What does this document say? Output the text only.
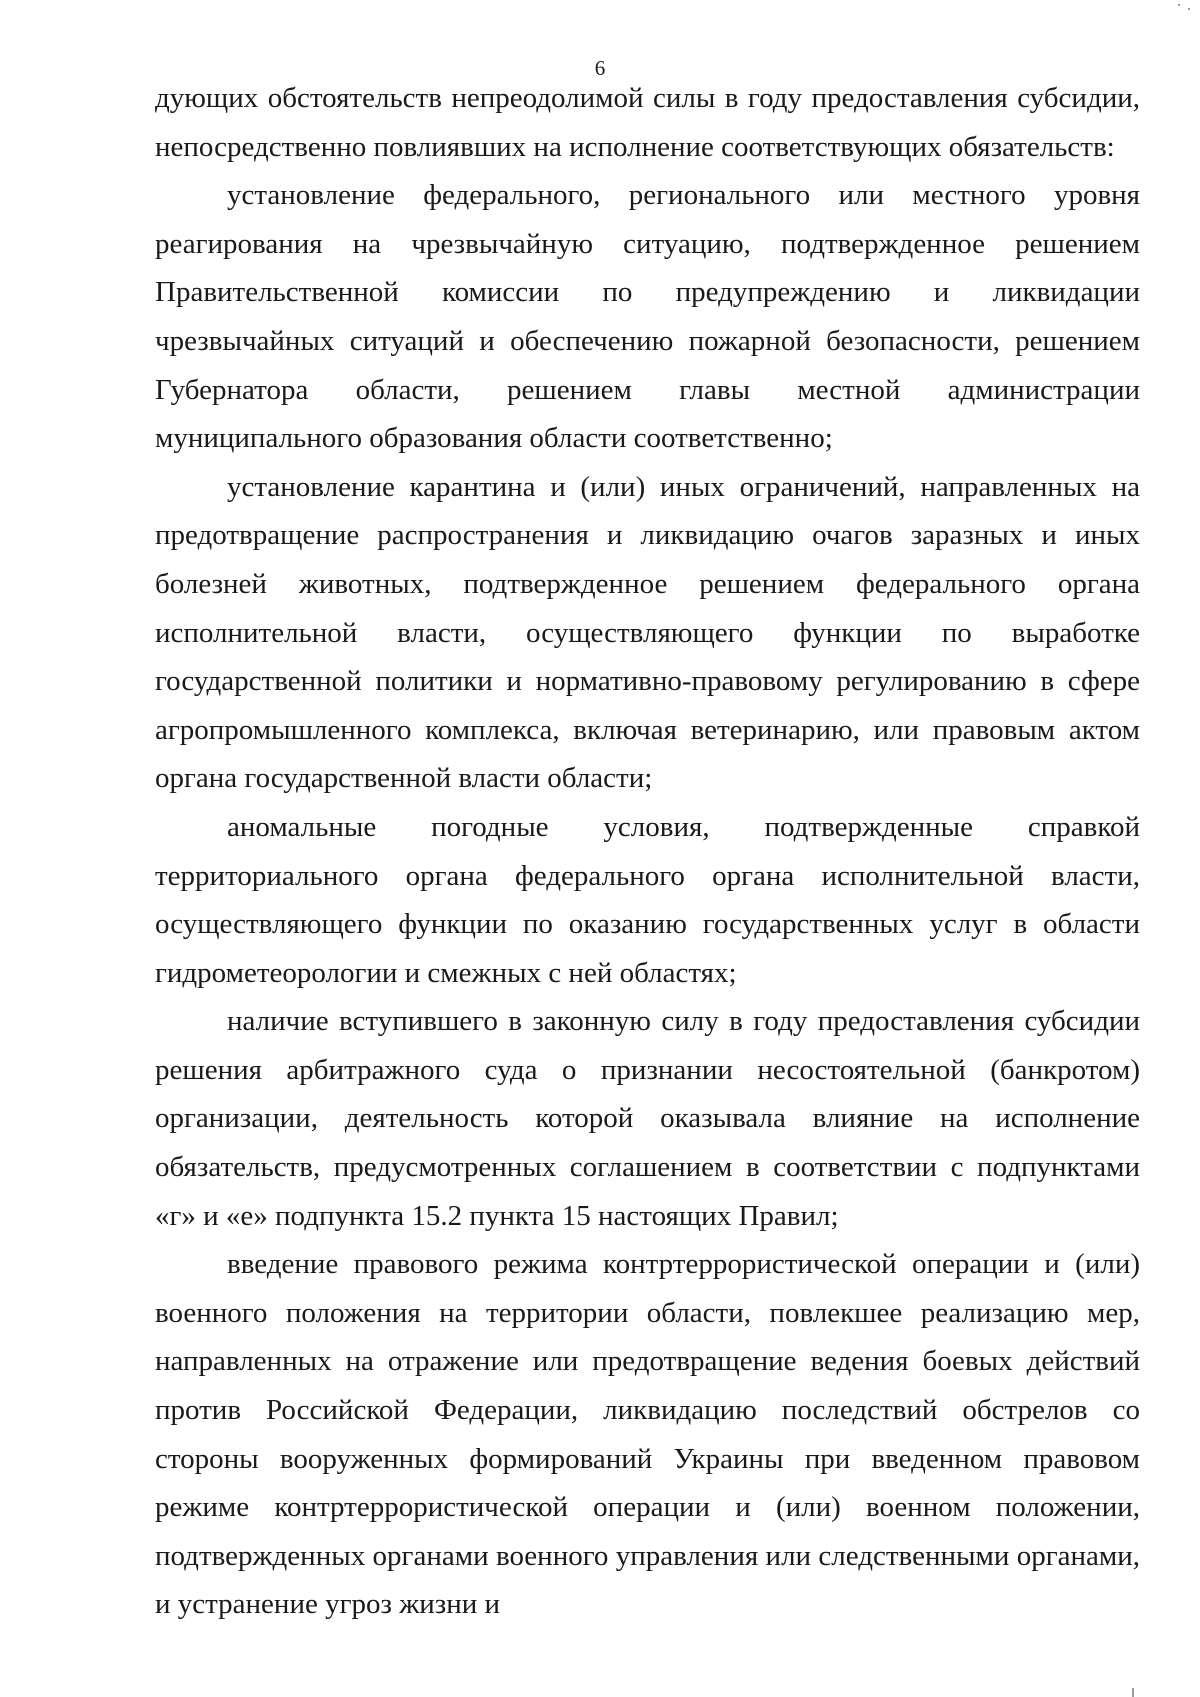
6

дующих обстоятельств непреодолимой силы в году предоставления субсидии, непосредственно повлиявших на исполнение соответствующих обязательств:

установление федерального, регионального или местного уровня реагирования на чрезвычайную ситуацию, подтвержденное решением Правительственной комиссии по предупреждению и ликвидации чрезвычайных ситуаций и обеспечению пожарной безопасности, решением Губернатора области, решением главы местной администрации муниципального образования области соответственно;

установление карантина и (или) иных ограничений, направленных на предотвращение распространения и ликвидацию очагов заразных и иных болезней животных, подтвержденное решением федерального органа исполнительной власти, осуществляющего функции по выработке государственной политики и нормативно-правовому регулированию в сфере агропромышленного комплекса, включая ветеринарию, или правовым актом органа государственной власти области;

аномальные погодные условия, подтвержденные справкой территориального органа федерального органа исполнительной власти, осуществляющего функции по оказанию государственных услуг в области гидрометеорологии и смежных с ней областях;

наличие вступившего в законную силу в году предоставления субсидии решения арбитражного суда о признании несостоятельной (банкротом) организации, деятельность которой оказывала влияние на исполнение обязательств, предусмотренных соглашением в соответствии с подпунктами «г» и «е» подпункта 15.2 пункта 15 настоящих Правил;

введение правового режима контртеррористической операции и (или) военного положения на территории области, повлекшее реализацию мер, направленных на отражение или предотвращение ведения боевых действий против Российской Федерации, ликвидацию последствий обстрелов со стороны вооруженных формирований Украины при введенном правовом режиме контртеррористической операции и (или) военном положении, подтвержденных органами военного управления или следственными органами, и устранение угроз жизни и
